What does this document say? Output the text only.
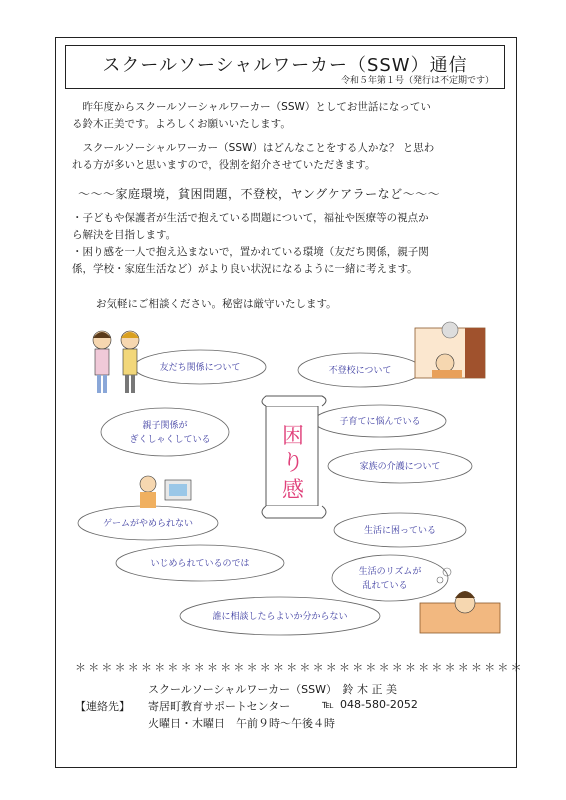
スクールソーシャルワーカー（SSW）通信
令和５年第１号（発行は不定期です）
　昨年度からスクールソーシャルワーカー（SSW）としてお世話になってい
る鈴木正美です。よろしくお願いいたします。
　スクールソーシャルワーカー（SSW）はどんなことをする人かな？ と思わ
れる方が多いと思いますので，役割を紹介させていただきます。
～～～家庭環境，貧困問題，不登校，ヤングケアラーなど～～～
・子どもや保護者が生活で抱えている問題について，福祉や医療等の視点か
ら解決を目指します。
・困り感を一人で抱え込まないで，置かれている環境（友だち関係，親子関
係，学校・家庭生活など）がより良い状況になるように一緒に考えます。
お気軽にご相談ください。秘密は厳守いたします。
困
り
感
友だち関係について	不登校について
親子関係が
ぎくしゃくしている
子育てに悩んでいる
家族の介護について
ゲームがやめられない
生活に困っている
いじめられているのでは
生活のリズムが
乱れている
誰に相談したらよいか分からない
＊＊＊＊＊＊＊＊＊＊＊＊＊＊＊＊＊＊＊＊＊＊＊＊＊＊＊＊＊＊＊＊＊＊
スクールソーシャルワーカー（SSW）　鈴 木 正 美
【連絡先】 寄居町教育サポートセンター	℡ 048-580-2052
火曜日・木曜日　午前９時～午後４時
